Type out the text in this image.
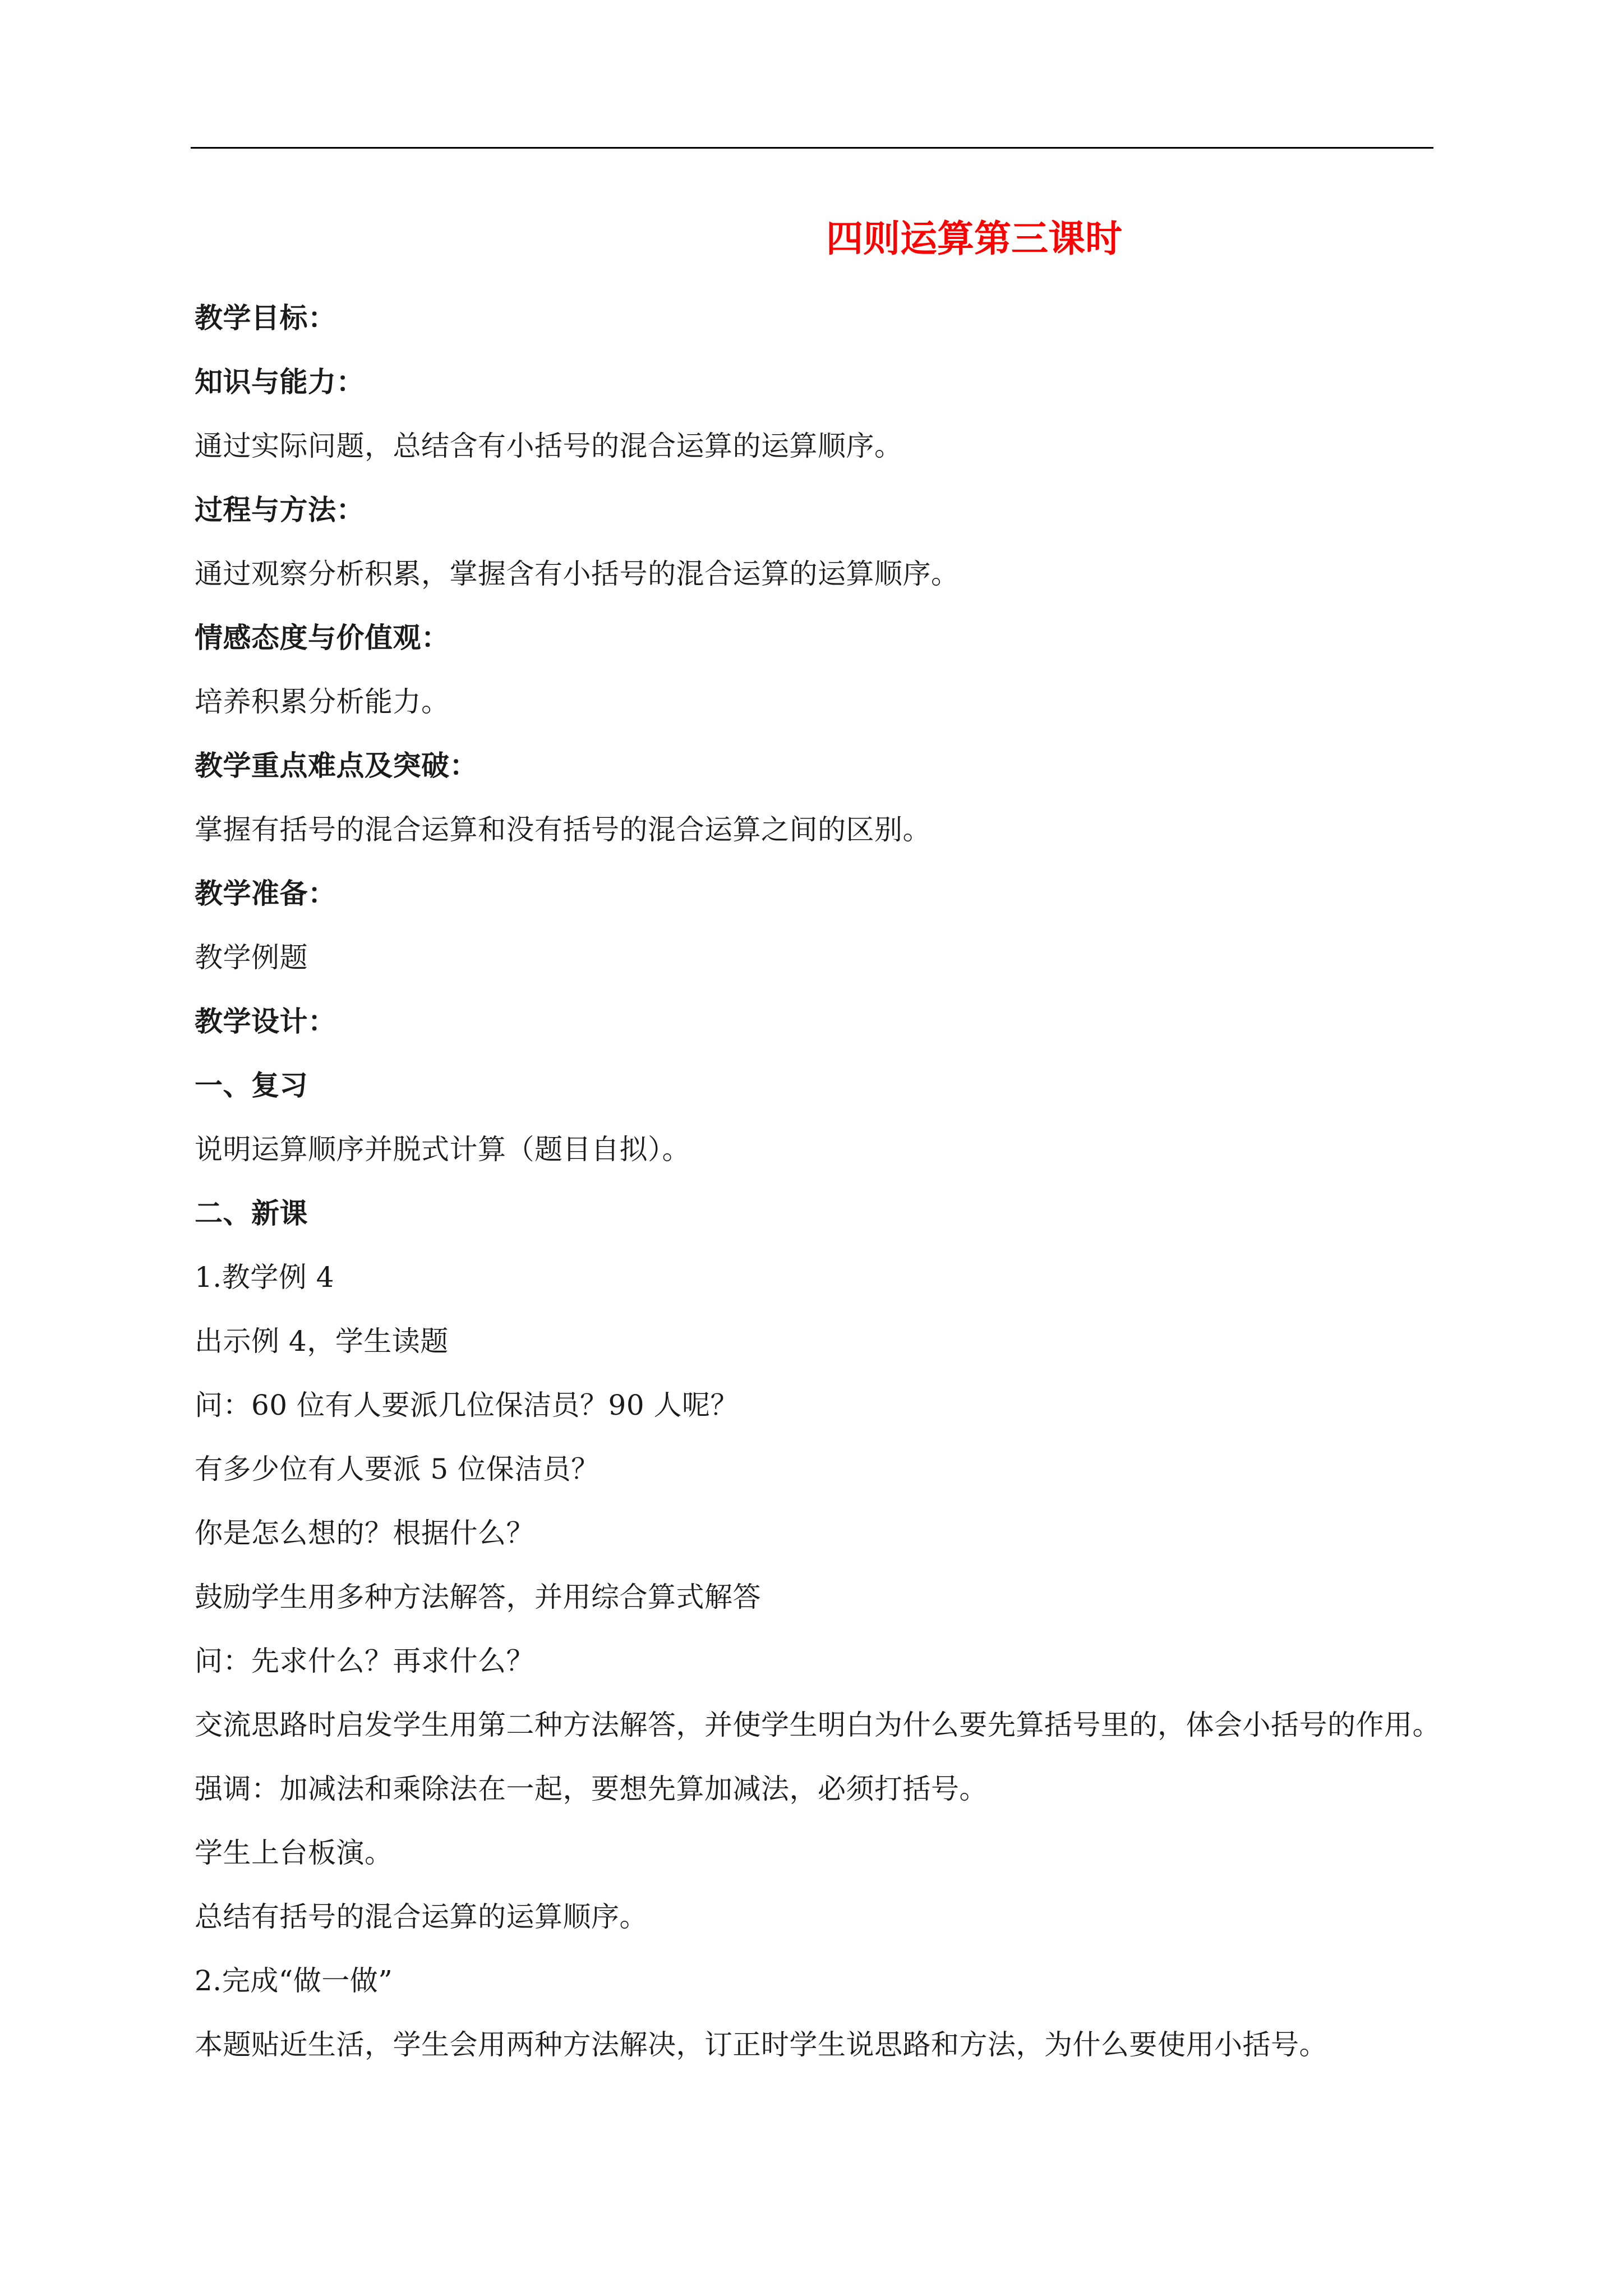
四则运算第三课时
教学目标：
知识与能力：
通过实际问题，总结含有小括号的混合运算的运算顺序。
过程与方法：
通过观察分析积累，掌握含有小括号的混合运算的运算顺序。
情感态度与价值观：
培养积累分析能力。
教学重点难点及突破：
掌握有括号的混合运算和没有括号的混合运算之间的区别。
教学准备：
教学例题
教学设计：
一、复习
说明运算顺序并脱式计算（题目自拟）。
二、新课
1.教学例 4
出示例 4，学生读题
问：60 位有人要派几位保洁员？90 人呢？
有多少位有人要派 5 位保洁员？
你是怎么想的？根据什么？
鼓励学生用多种方法解答，并用综合算式解答
问：先求什么？再求什么？
交流思路时启发学生用第二种方法解答，并使学生明白为什么要先算括号里的，体会小括号的作用。
强调：加减法和乘除法在一起，要想先算加减法，必须打括号。
学生上台板演。
总结有括号的混合运算的运算顺序。
2.完成“做一做”
本题贴近生活，学生会用两种方法解决，订正时学生说思路和方法，为什么要使用小括号。
